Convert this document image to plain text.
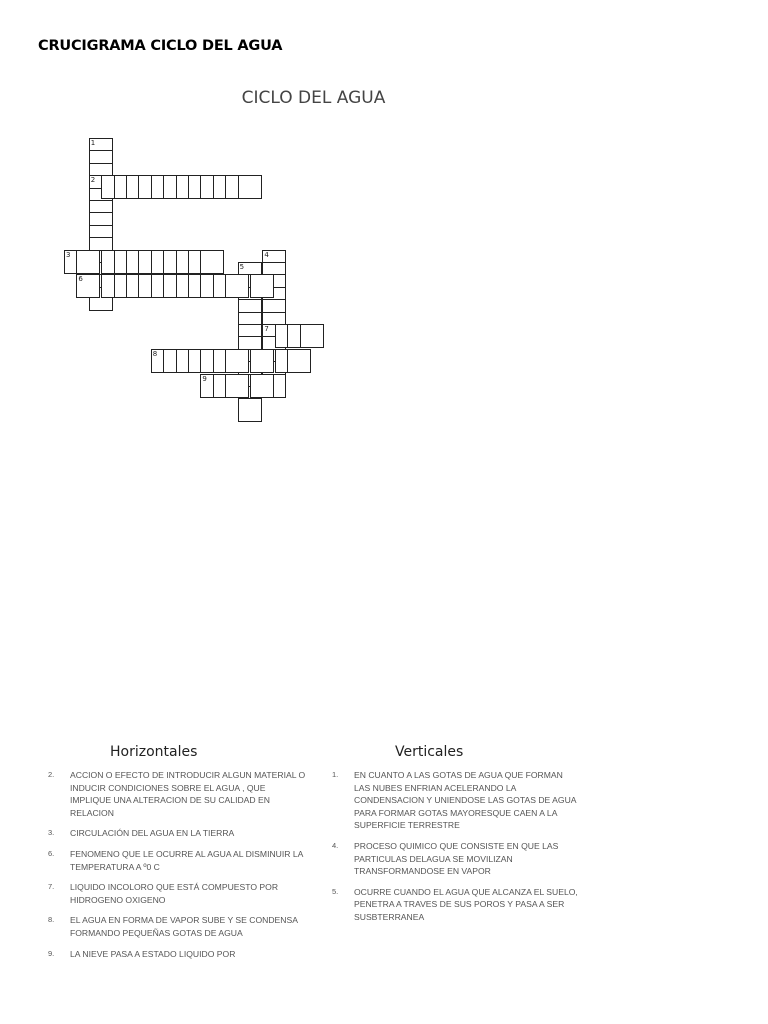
CRUCIGRAMA CICLO DEL AGUA
CICLO DEL AGUA
1
2
3	4
7
5
6
8
9
Horizontales	Verticales
2. ACCION O EFECTO DE INTRODUCIR ALGUN MATERIAL O INDUCIR CONDICIONES SOBRE EL AGUA , QUE IMPLIQUE UNA ALTERACION DE SU CALIDAD EN RELACION
3. CIRCULACIÓN DEL AGUA EN LA TIERRA
6. FENOMENO QUE LE OCURRE AL AGUA AL DISMINUIR LA TEMPERATURA A º0 C
7. LIQUIDO INCOLORO QUE ESTÁ COMPUESTO POR HIDROGENO OXIGENO
8. EL AGUA EN FORMA DE VAPOR SUBE Y SE CONDENSA FORMANDO PEQUEÑAS GOTAS DE AGUA
9. LA NIEVE PASA A ESTADO LIQUIDO POR
1. EN CUANTO A LAS GOTAS DE AGUA QUE FORMAN LAS NUBES ENFRIAN ACELERANDO LA CONDENSACION Y UNIENDOSE LAS GOTAS DE AGUA PARA FORMAR GOTAS MAYORESQUE CAEN A LA SUPERFICIE TERRESTRE
4. PROCESO QUIMICO QUE CONSISTE EN QUE LAS PARTICULAS DELAGUA SE MOVILIZAN TRANSFORMANDOSE EN VAPOR
5. OCURRE CUANDO EL AGUA QUE ALCANZA EL SUELO, PENETRA A TRAVES DE SUS POROS Y PASA A SER SUSBTERRANEA
